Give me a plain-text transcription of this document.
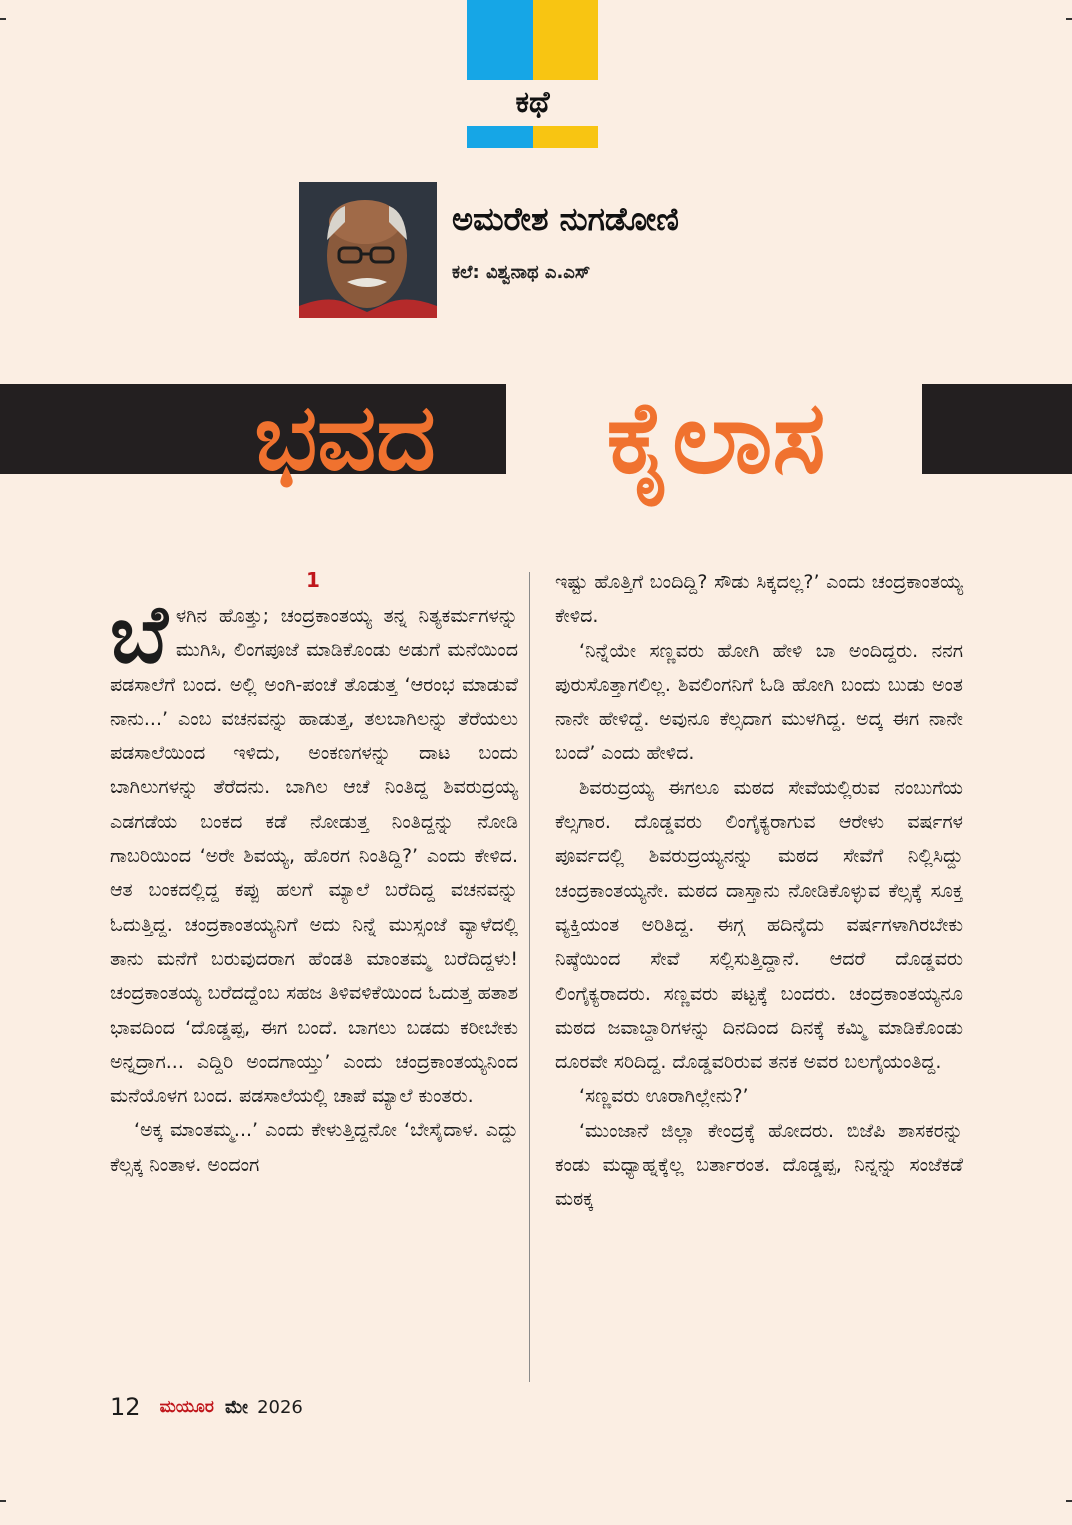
ಕಥೆ
ಅಮರೇಶ ನುಗಡೋಣಿ
ಕಲೆ: ವಿಶ್ವನಾಥ ಎ.ಎಸ್
ಭವದ	ಕೈಲಾಸ
1

ಬೆಳಗಿನ ಹೊತ್ತು; ಚಂದ್ರಕಾಂತಯ್ಯ ತನ್ನ ನಿತ್ಯಕರ್ಮಗಳನ್ನು ಮುಗಿಸಿ, ಲಿಂಗಪೂಜೆ ಮಾಡಿಕೊಂಡು ಅಡುಗೆ ಮನೆಯಿಂದ ಪಡಸಾಲೆಗೆ ಬಂದ. ಅಲ್ಲಿ ಅಂಗಿ-ಪಂಚೆ ತೊಡುತ್ತ ‘ಆರಂಭ ಮಾಡುವೆ ನಾನು...’ ಎಂಬ ವಚನವನ್ನು ಹಾಡುತ್ತ, ತಲಬಾಗಿಲನ್ನು ತೆರೆಯಲು ಪಡಸಾಲೆಯಿಂದ ಇಳಿದು, ಅಂಕಣಗಳನ್ನು ದಾಟ ಬಂದು ಬಾಗಿಲುಗಳನ್ನು ತೆರೆದನು. ಬಾಗಿಲ ಆಚೆ ನಿಂತಿದ್ದ ಶಿವರುದ್ರಯ್ಯ ಎಡಗಡೆಯ ಬಂಕದ ಕಡೆ ನೋಡುತ್ತ ನಿಂತಿದ್ದನ್ನು ನೋಡಿ ಗಾಬರಿಯಿಂದ ‘ಅರೇ ಶಿವಯ್ಯ, ಹೊರಗ ನಿಂತಿದ್ದಿ?’ ಎಂದು ಕೇಳಿದ. ಆತ ಬಂಕದಲ್ಲಿದ್ದ ಕಪ್ಪು ಹಲಗೆ ಮ್ಯಾಲೆ ಬರೆದಿದ್ದ ವಚನವನ್ನು ಓದುತ್ತಿದ್ದ. ಚಂದ್ರಕಾಂತಯ್ಯನಿಗೆ ಅದು ನಿನ್ನೆ ಮುಸ್ಸಂಜೆ ವ್ಯಾಳೆದಲ್ಲಿ ತಾನು ಮನೆಗೆ ಬರುವುದರಾಗ ಹೆಂಡತಿ ಮಾಂತಮ್ಮ ಬರೆದಿದ್ದಳು! ಚಂದ್ರಕಾಂತಯ್ಯ ಬರೆದದ್ದೆಂಬ ಸಹಜ ತಿಳಿವಳಿಕೆಯಿಂದ ಓದುತ್ತ ಹತಾಶ ಭಾವದಿಂದ ‘ದೊಡ್ಡಪ್ಪ, ಈಗ ಬಂದೆ. ಬಾಗಲು ಬಡದು ಕರೀಬೇಕು ಅನ್ನದ್ರಾಗ... ಎದ್ದಿರಿ ಅಂದಗಾಯ್ತು’ ಎಂದು ಚಂದ್ರಕಾಂತಯ್ಯನಿಂದ ಮನೆಯೊಳಗ ಬಂದ. ಪಡಸಾಲೆಯಲ್ಲಿ ಚಾಪೆ ಮ್ಯಾಲೆ ಕುಂತರು.

‘ಅಕ್ಕ ಮಾಂತಮ್ಮ...’ ಎಂದು ಕೇಳುತ್ತಿದ್ದನೋ ‘ಬೇಸೈದಾಳ. ಎದ್ದು ಕೆಲ್ಸಕ್ಕ ನಿಂತಾಳ. ಅಂದಂಗ

ಇಷ್ಟು ಹೊತ್ತಿಗೆ ಬಂದಿದ್ದಿ? ಸೌಡು ಸಿಕ್ಕದಲ್ಲ?’ ಎಂದು ಚಂದ್ರಕಾಂತಯ್ಯ ಕೇಳಿದ.

‘ನಿನ್ನೆಯೇ ಸಣ್ಣವರು ಹೋಗಿ ಹೇಳಿ ಬಾ ಅಂದಿದ್ದರು. ನನಗ ಪುರುಸೊತ್ತಾಗಲಿಲ್ಲ. ಶಿವಲಿಂಗನಿಗೆ ಓಡಿ ಹೋಗಿ ಬಂದು ಬುಡು ಅಂತ ನಾನೇ ಹೇಳಿದ್ದೆ. ಅವುನೂ ಕೆಲ್ಸದಾಗ ಮುಳಗಿದ್ದ. ಅದ್ಕ ಈಗ ನಾನೇ ಬಂದೆ’ ಎಂದು ಹೇಳಿದ.

ಶಿವರುದ್ರಯ್ಯ ಈಗಲೂ ಮಠದ ಸೇವೆಯಲ್ಲಿರುವ ನಂಬುಗೆಯ ಕೆಲ್ಸಗಾರ. ದೊಡ್ಡವರು ಲಿಂಗೈಕ್ಯರಾಗುವ ಆರೇಳು ವರ್ಷಗಳ ಪೂರ್ವದಲ್ಲಿ ಶಿವರುದ್ರಯ್ಯನನ್ನು ಮಠದ ಸೇವೆಗೆ ನಿಲ್ಲಿಸಿದ್ದು ಚಂದ್ರಕಾಂತಯ್ಯನೇ. ಮಠದ ದಾಸ್ತಾನು ನೋಡಿಕೊಳ್ಳುವ ಕೆಲ್ಸಕ್ಕೆ ಸೂಕ್ತ ವ್ಯಕ್ತಿಯಂತ ಅರಿತಿದ್ದ. ಈಗ್ಗ ಹದಿನೈದು ವರ್ಷಗಳಾಗಿರಬೇಕು ನಿಷ್ಠೆಯಿಂದ ಸೇವೆ ಸಲ್ಲಿಸುತ್ತಿದ್ದಾನೆ. ಆದರೆ ದೊಡ್ಡವರು ಲಿಂಗೈಕ್ಯರಾದರು. ಸಣ್ಣವರು ಪಟ್ಟಕ್ಕೆ ಬಂದರು. ಚಂದ್ರಕಾಂತಯ್ಯನೂ ಮಠದ ಜವಾಬ್ದಾರಿಗಳನ್ನು ದಿನದಿಂದ ದಿನಕ್ಕೆ ಕಮ್ಮಿ ಮಾಡಿಕೊಂಡು ದೂರವೇ ಸರಿದಿದ್ದ. ದೊಡ್ಡವರಿರುವ ತನಕ ಅವರ ಬಲಗೈಯಂತಿದ್ದ.

‘ಸಣ್ಣವರು ಊರಾಗಿಲ್ಲೇನು?’

‘ಮುಂಜಾನೆ ಜಿಲ್ಲಾ ಕೇಂದ್ರಕ್ಕೆ ಹೋದರು. ಬಿಜೆಪಿ ಶಾಸಕರನ್ನು ಕಂಡು ಮಧ್ಯಾಹ್ನಕ್ಕೆಲ್ಲ ಬರ್ತಾರಂತ. ದೊಡ್ಡಪ್ಪ, ನಿನ್ನನ್ನು ಸಂಜೆಕಡೆ ಮಠಕ್ಕ

12 ಮಯೂರ ಮೇ 2026
